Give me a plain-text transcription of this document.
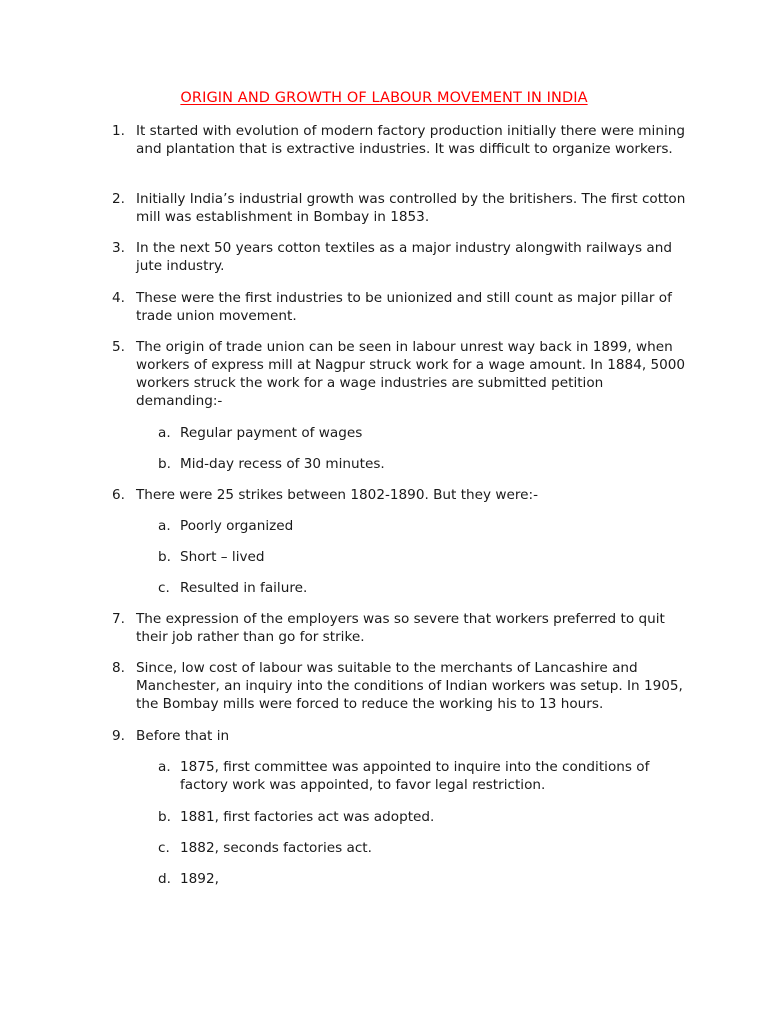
ORIGIN AND GROWTH OF LABOUR MOVEMENT IN INDIA
1. It started with evolution of modern factory production initially there were mining and plantation that is extractive industries. It was difficult to organize workers.
2. Initially India’s industrial growth was controlled by the britishers. The first cotton mill was establishment in Bombay in 1853.
3. In the next 50 years cotton textiles as a major industry alongwith railways and jute industry.
4. These were the first industries to be unionized and still count as major pillar of trade union movement.
5. The origin of trade union can be seen in labour unrest way back in 1899, when workers of express mill at Nagpur struck work for a wage amount. In 1884, 5000 workers struck the work for a wage industries are submitted petition demanding:-
a. Regular payment of wages
b. Mid-day recess of 30 minutes.
6. There were 25 strikes between 1802-1890. But they were:-
a. Poorly organized
b. Short – lived
c. Resulted in failure.
7. The expression of the employers was so severe that workers preferred to quit their job rather than go for strike.
8. Since, low cost of labour was suitable to the merchants of Lancashire and Manchester, an inquiry into the conditions of Indian workers was setup. In 1905, the Bombay mills were forced to reduce the working his to 13 hours.
9. Before that in
a. 1875, first committee was appointed to inquire into the conditions of factory work was appointed, to favor legal restriction.
b. 1881, first factories act was adopted.
c. 1882, seconds factories act.
d. 1892,
